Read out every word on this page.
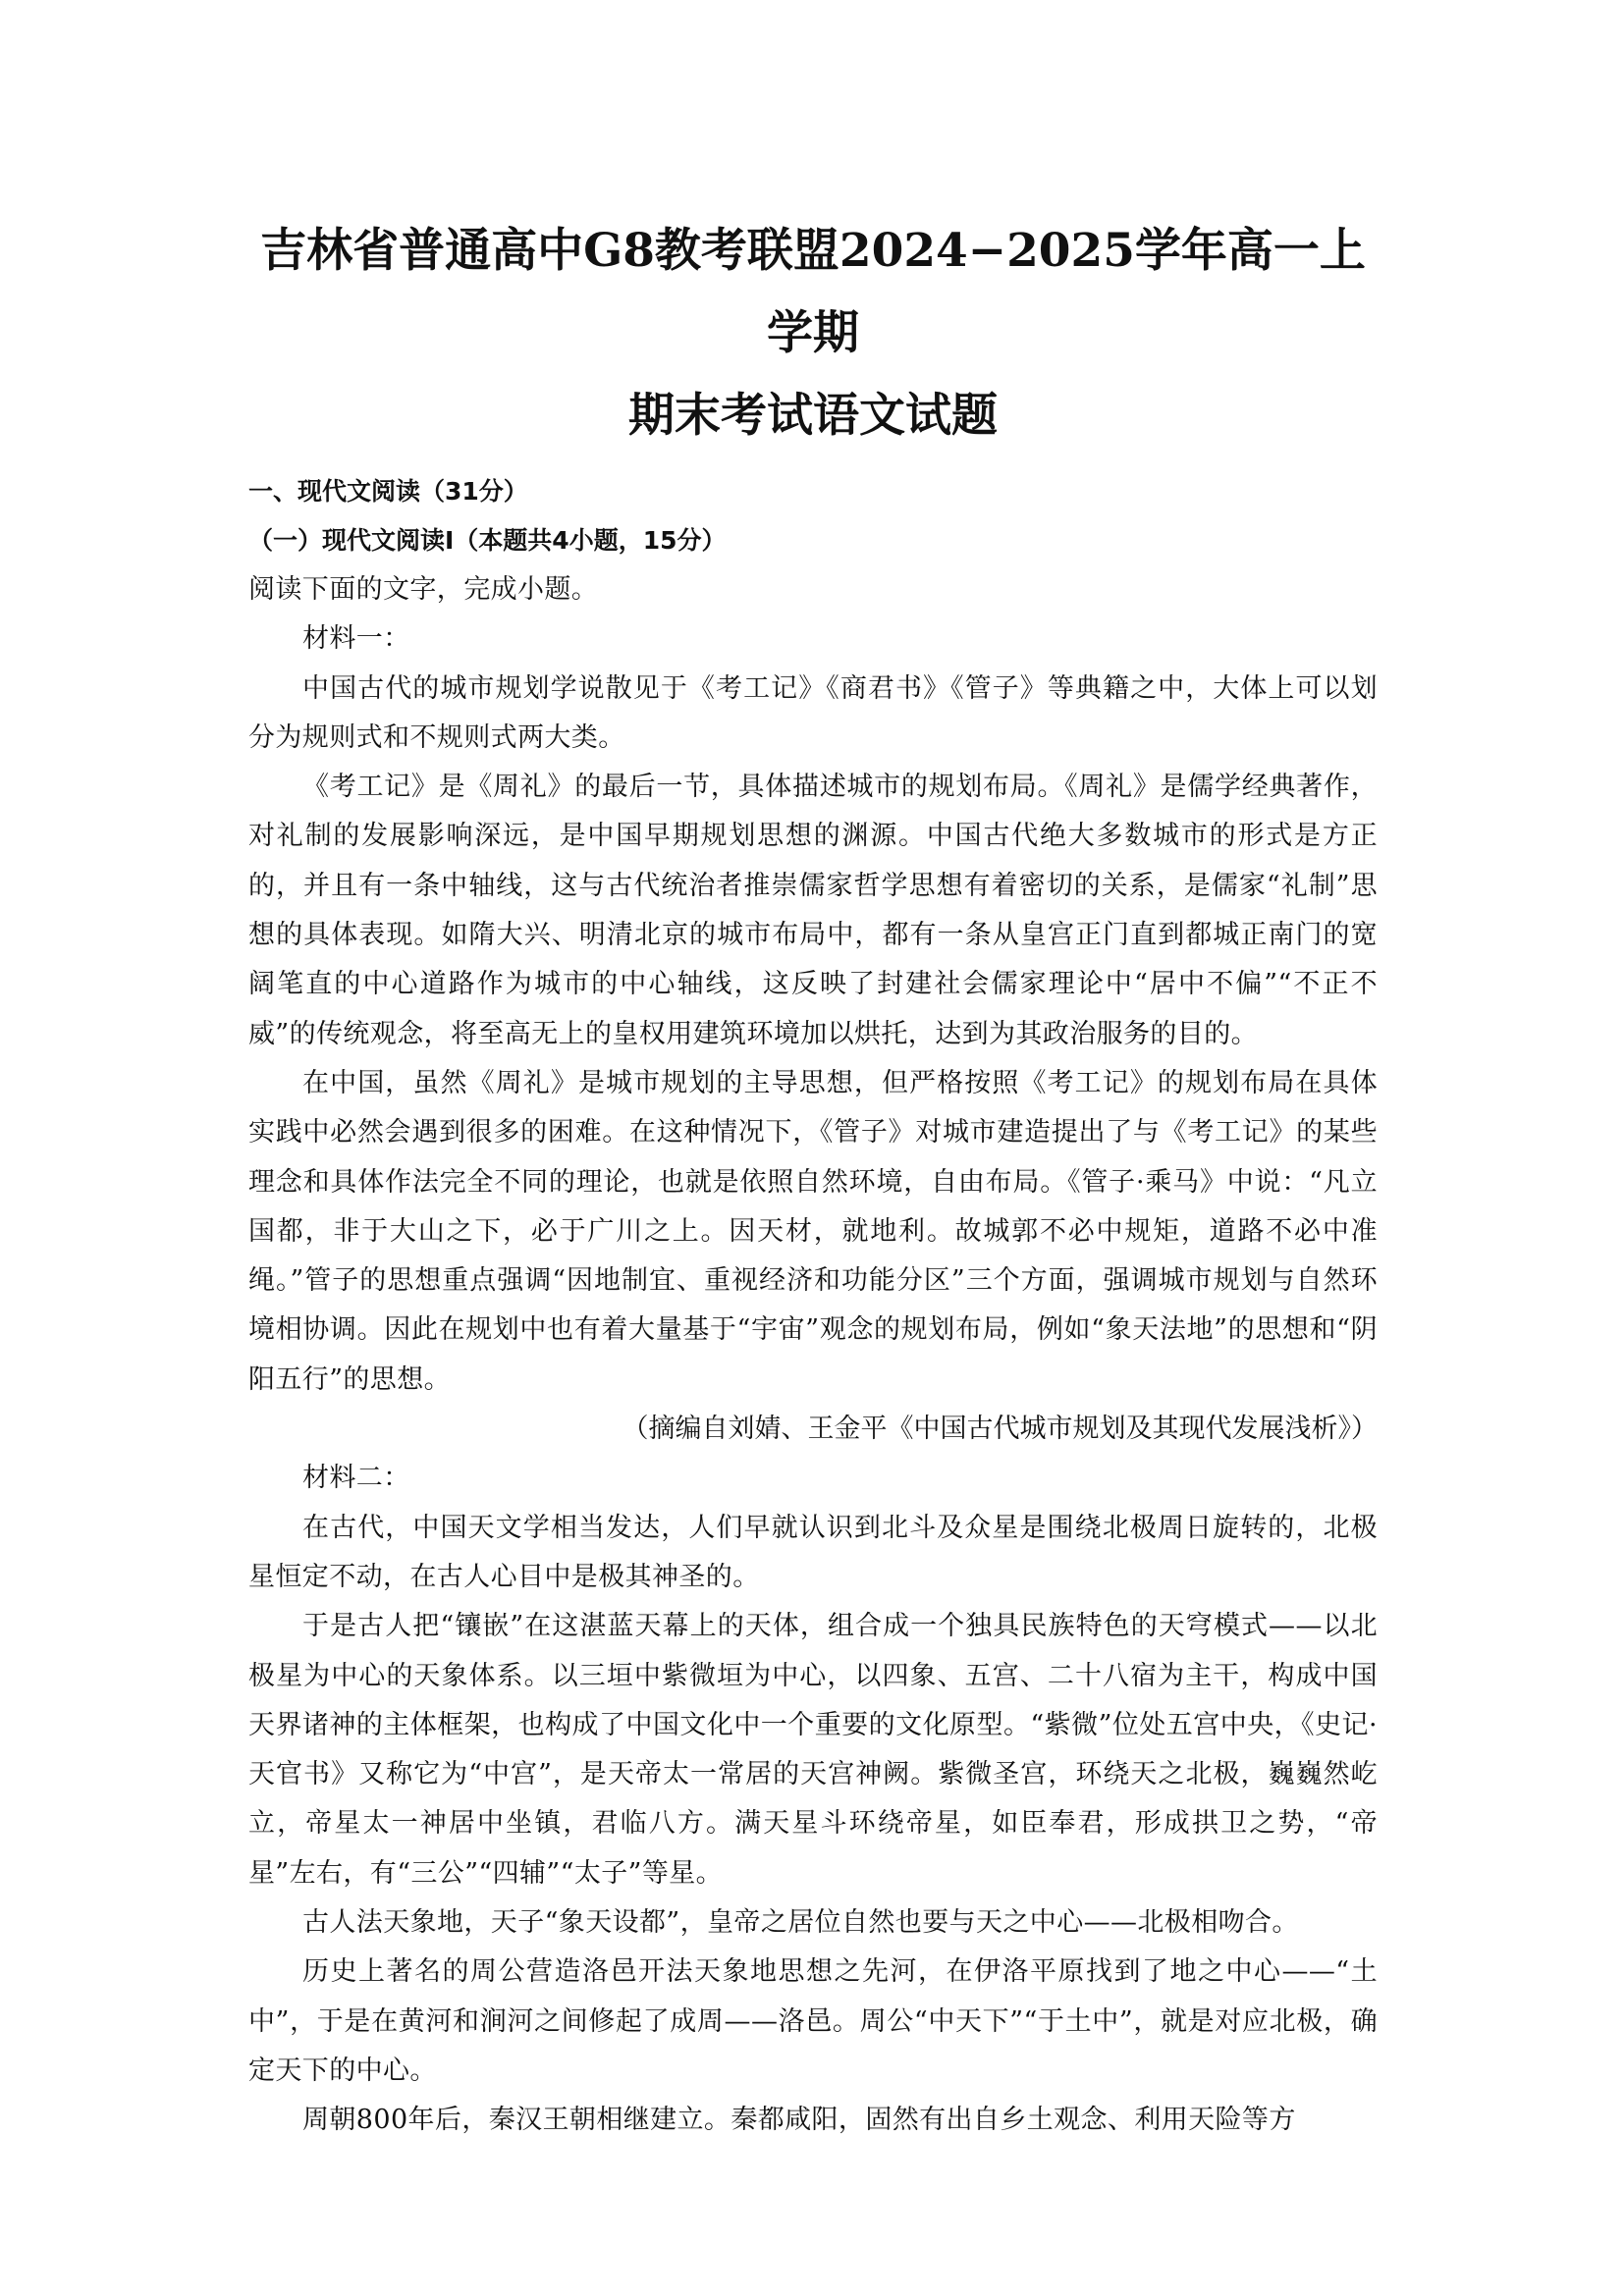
吉林省普通高中G8教考联盟2024−2025学年高一上学期
期末考试语文试题

一、现代文阅读（31分）

（一）现代文阅读Ⅰ（本题共4小题，15分）

阅读下面的文字，完成小题。

材料一：

中国古代的城市规划学说散见于《考工记》《商君书》《管子》等典籍之中，大体上可以划分为规则式和不规则式两大类。

《考工记》是《周礼》的最后一节，具体描述城市的规划布局。《周礼》是儒学经典著作，对礼制的发展影响深远，是中国早期规划思想的渊源。中国古代绝大多数城市的形式是方正的，并且有一条中轴线，这与古代统治者推崇儒家哲学思想有着密切的关系，是儒家“礼制”思想的具体表现。如隋大兴、明清北京的城市布局中，都有一条从皇宫正门直到都城正南门的宽阔笔直的中心道路作为城市的中心轴线，这反映了封建社会儒家理论中“居中不偏”“不正不威”的传统观念，将至高无上的皇权用建筑环境加以烘托，达到为其政治服务的目的。

在中国，虽然《周礼》是城市规划的主导思想，但严格按照《考工记》的规划布局在具体实践中必然会遇到很多的困难。在这种情况下，《管子》对城市建造提出了与《考工记》的某些理念和具体作法完全不同的理论，也就是依照自然环境，自由布局。《管子·乘马》中说：“凡立国都，非于大山之下，必于广川之上。因天材，就地利。故城郭不必中规矩，道路不必中准绳。”管子的思想重点强调“因地制宜、重视经济和功能分区”三个方面，强调城市规划与自然环境相协调。因此在规划中也有着大量基于“宇宙”观念的规划布局，例如“象天法地”的思想和“阴阳五行”的思想。

（摘编自刘婧、王金平《中国古代城市规划及其现代发展浅析》）

材料二：

在古代，中国天文学相当发达，人们早就认识到北斗及众星是围绕北极周日旋转的，北极星恒定不动，在古人心目中是极其神圣的。

于是古人把“镶嵌”在这湛蓝天幕上的天体，组合成一个独具民族特色的天穹模式——以北极星为中心的天象体系。以三垣中紫微垣为中心，以四象、五宫、二十八宿为主干，构成中国天界诸神的主体框架，也构成了中国文化中一个重要的文化原型。“紫微”位处五宫中央，《史记·天官书》又称它为“中宫”，是天帝太一常居的天宫神阙。紫微圣宫，环绕天之北极，巍巍然屹立，帝星太一神居中坐镇，君临八方。满天星斗环绕帝星，如臣奉君，形成拱卫之势，“帝星”左右，有“三公”“四辅”“太子”等星。

古人法天象地，天子“象天设都”，皇帝之居位自然也要与天之中心——北极相吻合。

历史上著名的周公营造洛邑开法天象地思想之先河，在伊洛平原找到了地之中心——“土中”，于是在黄河和涧河之间修起了成周——洛邑。周公“中天下”“于土中”，就是对应北极，确定天下的中心。

周朝800年后，秦汉王朝相继建立。秦都咸阳，固然有出自乡土观念、利用天险等方
